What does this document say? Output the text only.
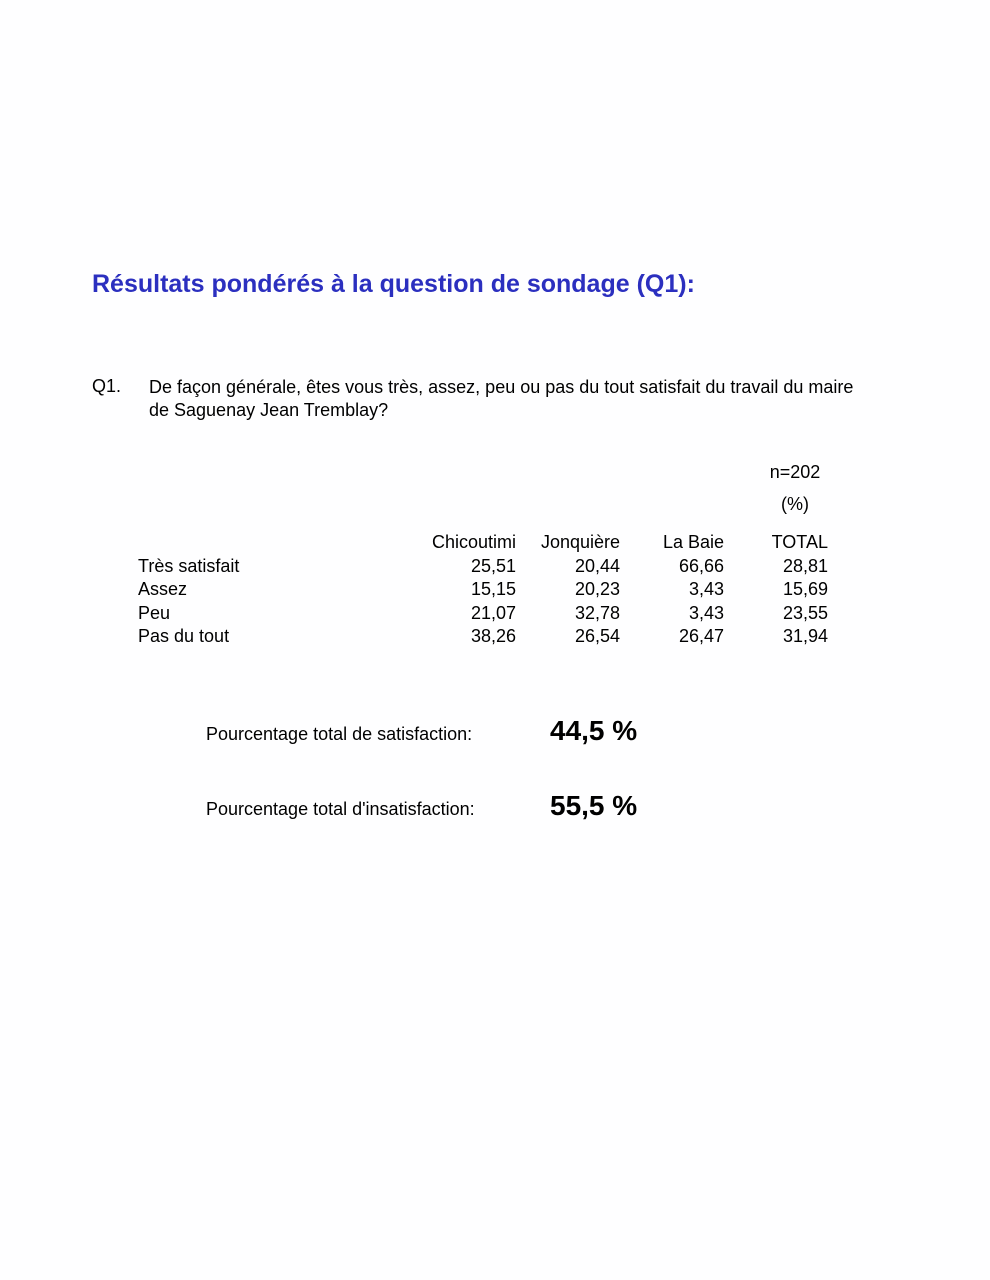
Résultats pondérés à la question de sondage (Q1):
Q1. De façon générale, êtes vous très, assez, peu ou pas du tout satisfait du travail du maire de Saguenay Jean Tremblay?
n=202
(%)
	Chicoutimi	Jonquière	La Baie	TOTAL
Très satisfait	25,51	20,44	66,66	28,81
Assez	15,15	20,23	3,43	15,69
Peu	21,07	32,78	3,43	23,55
Pas du tout	38,26	26,54	26,47	31,94
Pourcentage total de satisfaction:	44,5 %
Pourcentage total d'insatisfaction:	55,5 %
